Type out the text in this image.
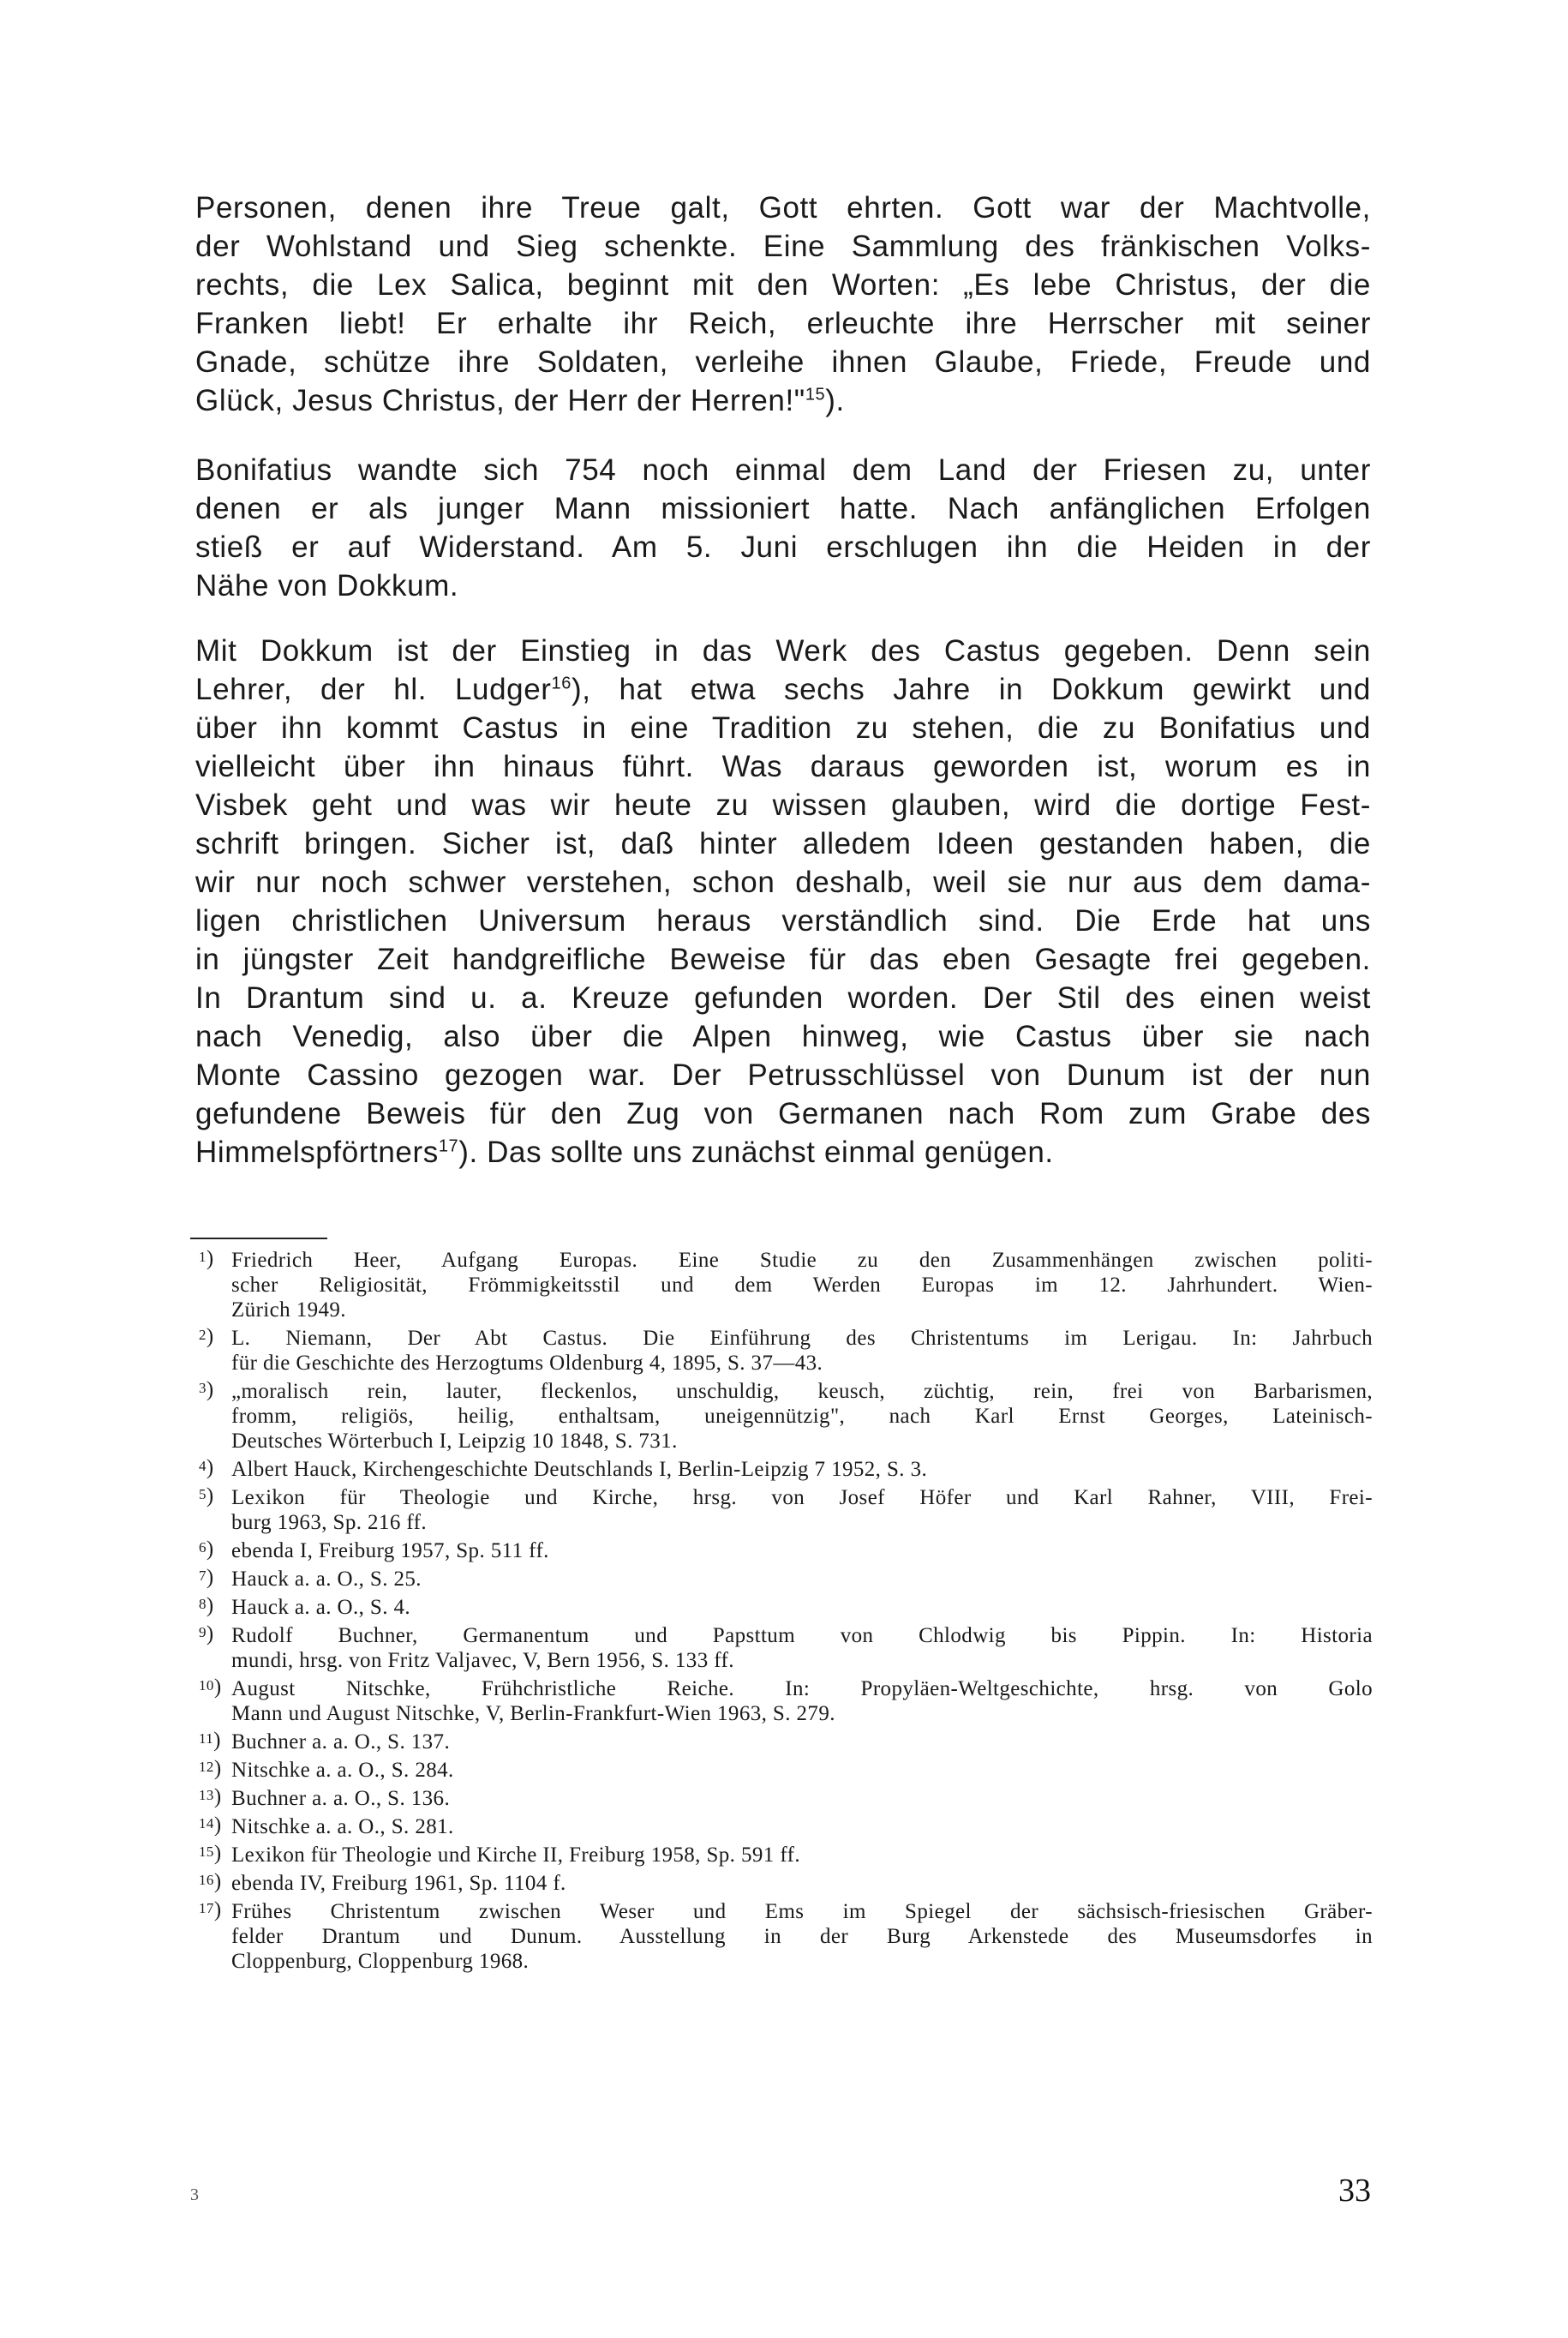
Personen, denen ihre Treue galt, Gott ehrten. Gott war der Machtvolle,
der Wohlstand und Sieg schenkte. Eine Sammlung des fränkischen Volks-
rechts, die Lex Salica, beginnt mit den Worten: „Es lebe Christus, der die
Franken liebt! Er erhalte ihr Reich, erleuchte ihre Herrscher mit seiner
Gnade, schütze ihre Soldaten, verleihe ihnen Glaube, Friede, Freude und
Glück, Jesus Christus, der Herr der Herren!"$^{15}$).
Bonifatius wandte sich 754 noch einmal dem Land der Friesen zu, unter
denen er als junger Mann missioniert hatte. Nach anfänglichen Erfolgen
stieß er auf Widerstand. Am 5. Juni erschlugen ihn die Heiden in der
Nähe von Dokkum.
Mit Dokkum ist der Einstieg in das Werk des Castus gegeben. Denn sein
Lehrer, der hl. Ludger$^{16}$), hat etwa sechs Jahre in Dokkum gewirkt und
über ihn kommt Castus in eine Tradition zu stehen, die zu Bonifatius und
vielleicht über ihn hinaus führt. Was daraus geworden ist, worum es in
Visbek geht und was wir heute zu wissen glauben, wird die dortige Fest-
schrift bringen. Sicher ist, daß hinter alledem Ideen gestanden haben, die
wir nur noch schwer verstehen, schon deshalb, weil sie nur aus dem dama-
ligen christlichen Universum heraus verständlich sind. Die Erde hat uns
in jüngster Zeit handgreifliche Beweise für das eben Gesagte frei gegeben.
In Drantum sind u. a. Kreuze gefunden worden. Der Stil des einen weist
nach Venedig, also über die Alpen hinweg, wie Castus über sie nach
Monte Cassino gezogen war. Der Petrusschlüssel von Dunum ist der nun
gefundene Beweis für den Zug von Germanen nach Rom zum Grabe des
Himmelspförtners$^{17}$). Das sollte uns zunächst einmal genügen.
1 )	Friedrich Heer, Aufgang Europas. Eine Studie zu den Zusammenhängen zwischen politi-
scher Religiosität, Frömmigkeitsstil und dem Werden Europas im 12. Jahrhundert. Wien-
Zürich 1949.
2 )	L. Niemann, Der Abt Castus. Die Einführung des Christentums im Lerigau. In: Jahrbuch
für die Geschichte des Herzogtums Oldenburg 4, 1895, S. 37—43.
3 )	„moralisch rein, lauter, fleckenlos, unschuldig, keusch, züchtig, rein, frei von Barbarismen,
fromm, religiös, heilig, enthaltsam, uneigennützig", nach Karl Ernst Georges, Lateinisch-
Deutsches Wörterbuch I, Leipzig 10 1848, S. 731.
4 )	Albert Hauck, Kirchengeschichte Deutschlands I, Berlin-Leipzig 7 1952, S. 3.
5 )	Lexikon für Theologie und Kirche, hrsg. von Josef Höfer und Karl Rahner, VIII, Frei-
burg 1963, Sp. 216 ff.
6 )	ebenda I, Freiburg 1957, Sp. 511 ff.
7 )	Hauck a. a. O., S. 25.
8 )	Hauck a. a. O., S. 4.
9 )	Rudolf Buchner, Germanentum und Papsttum von Chlodwig bis Pippin. In: Historia
mundi, hrsg. von Fritz Valjavec, V, Bern 1956, S. 133 ff.
10 ) August Nitschke, Frühchristliche Reiche. In: Propyläen-Weltgeschichte, hrsg. von Golo
Mann und August Nitschke, V, Berlin-Frankfurt-Wien 1963, S. 279.
11 ) Buchner a. a. O., S. 137.
12 ) Nitschke a. a. O., S. 284.
13 ) Buchner a. a. O., S. 136.
14 ) Nitschke a. a. O., S. 281.
15 ) Lexikon für Theologie und Kirche II, Freiburg 1958, Sp. 591 ff.
16 ) ebenda IV, Freiburg 1961, Sp. 1104 f.
17 ) Frühes Christentum zwischen Weser und Ems im Spiegel der sächsisch-friesischen Gräber-
felder Drantum und Dunum. Ausstellung in der Burg Arkenstede des Museumsdorfes in
Cloppenburg, Cloppenburg 1968.
3	33
